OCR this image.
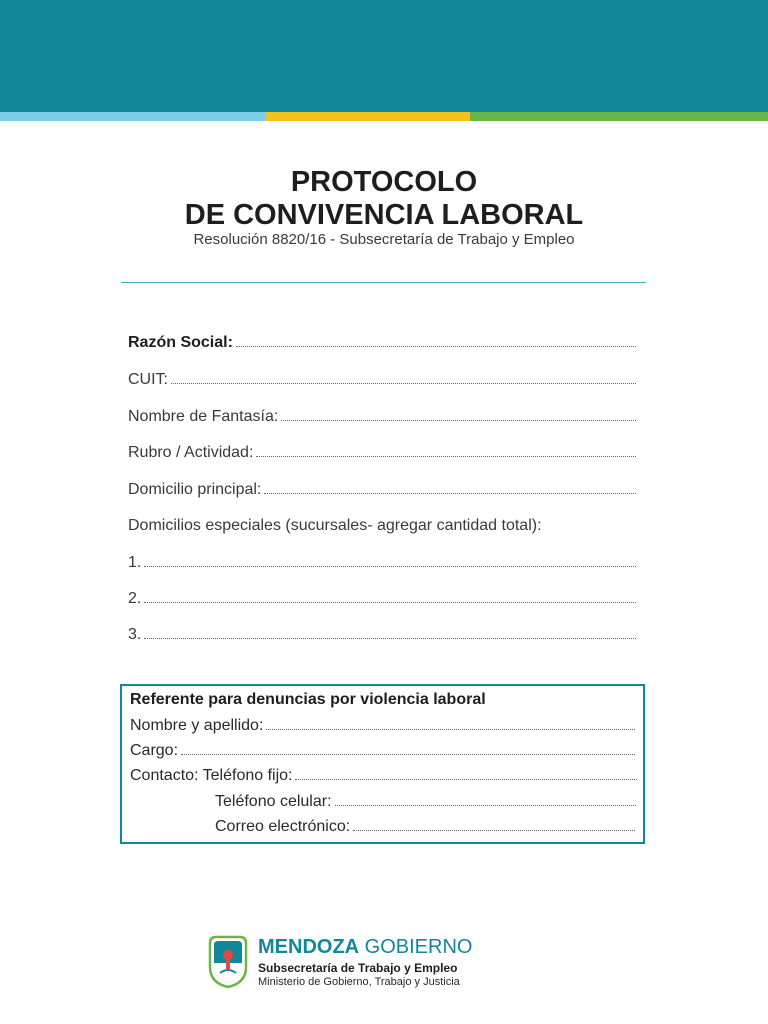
PROTOCOLO
DE CONVIVENCIA LABORAL
Resolución 8820/16 - Subsecretaría de Trabajo y Empleo
Razón Social:
CUIT:
Nombre de Fantasía:
Rubro / Actividad:
Domicilio principal:
Domicilios especiales (sucursales- agregar cantidad total):
1.
2.
3.
Referente para denuncias por violencia laboral
Nombre y apellido:
Cargo:
Contacto: Teléfono fijo:
Teléfono celular:
Correo electrónico:
MENDOZA GOBIERNO
Subsecretaría de Trabajo y Empleo
Ministerio de Gobierno, Trabajo y Justicia
